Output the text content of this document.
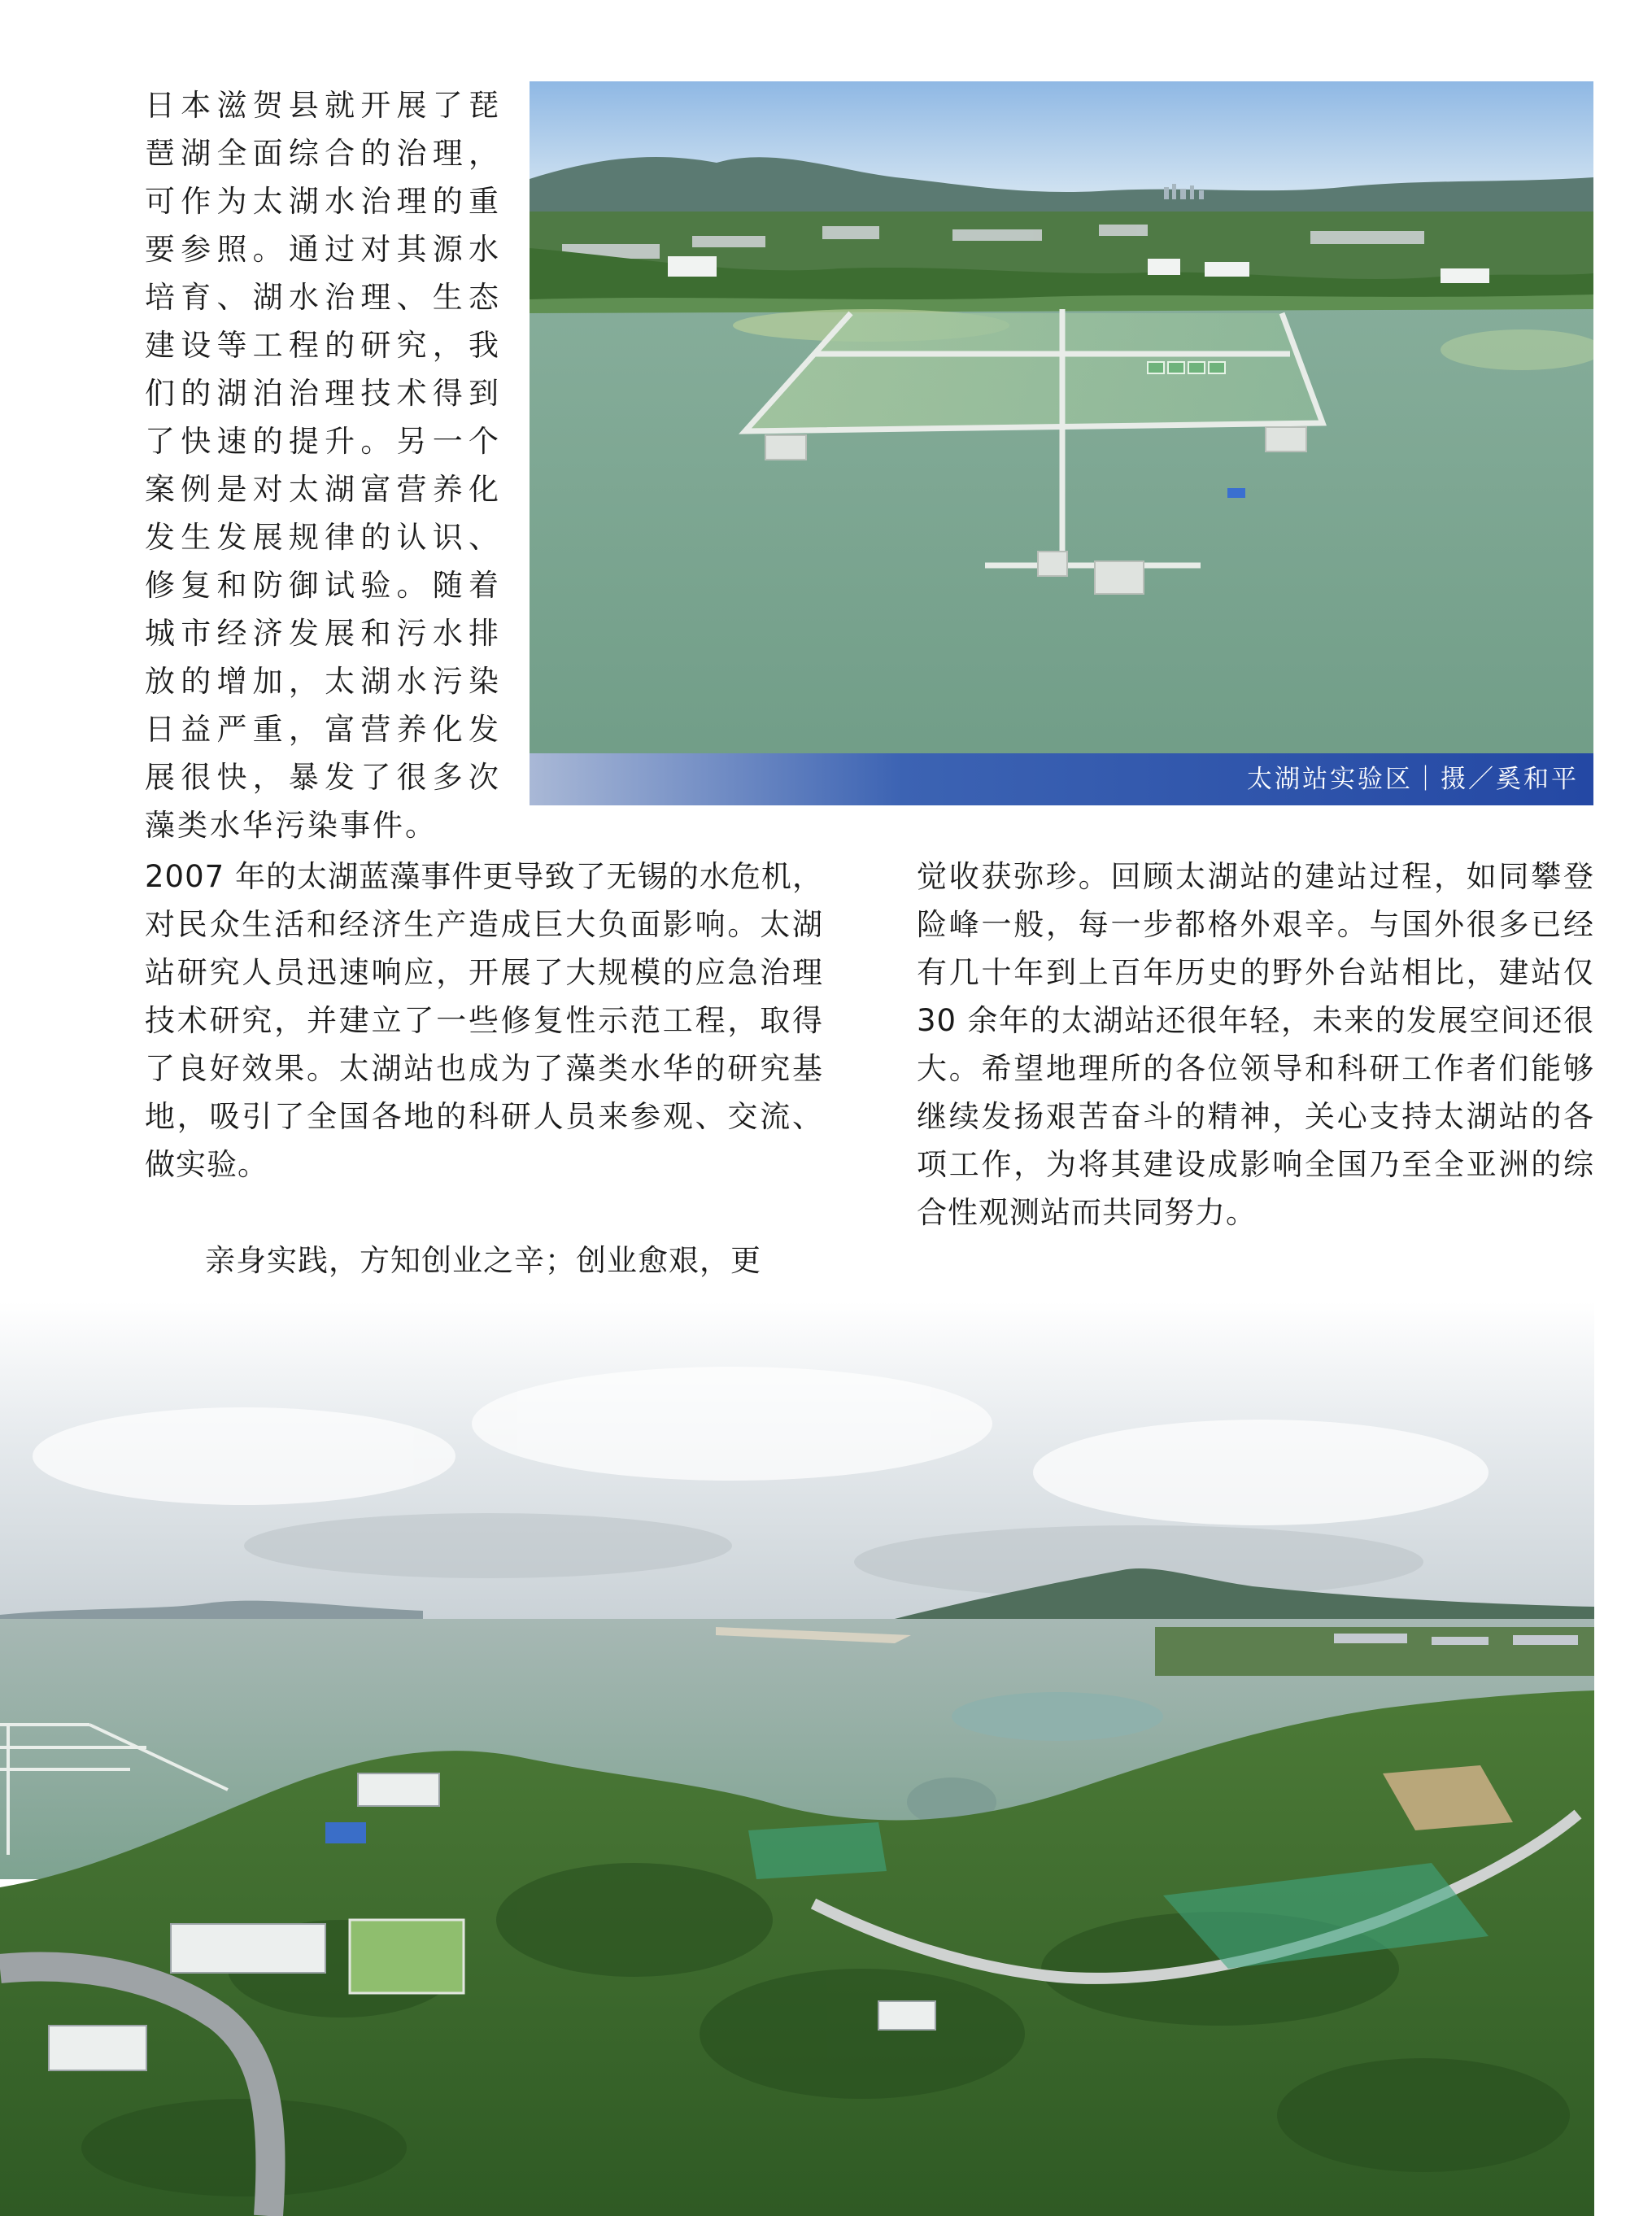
日本滋贺县就开展了琵琶湖全面综合的治理，可作为太湖水治理的重要参照。通过对其源水培育、湖水治理、生态建设等工程的研究，我们的湖泊治理技术得到了快速的提升。另一个案例是对太湖富营养化发生发展规律的认识、修复和防御试验。随着城市经济发展和污水排放的增加，太湖水污染日益严重，富营养化发展很快，暴发了很多次藻类水华污染事件。
太湖站实验区｜摄／奚和平

2007 年的太湖蓝藻事件更导致了无锡的水危机，对民众生活和经济生产造成巨大负面影响。太湖站研究人员迅速响应，开展了大规模的应急治理技术研究，并建立了一些修复性示范工程，取得了良好效果。太湖站也成为了藻类水华的研究基地，吸引了全国各地的科研人员来参观、交流、做实验。

亲身实践，方知创业之辛；创业愈艰，更

觉收获弥珍。回顾太湖站的建站过程，如同攀登险峰一般，每一步都格外艰辛。与国外很多已经有几十年到上百年历史的野外台站相比，建站仅 30 余年的太湖站还很年轻，未来的发展空间还很大。希望地理所的各位领导和科研工作者们能够继续发扬艰苦奋斗的精神，关心支持太湖站的各项工作，为将其建设成影响全国乃至全亚洲的综合性观测站而共同努力。
